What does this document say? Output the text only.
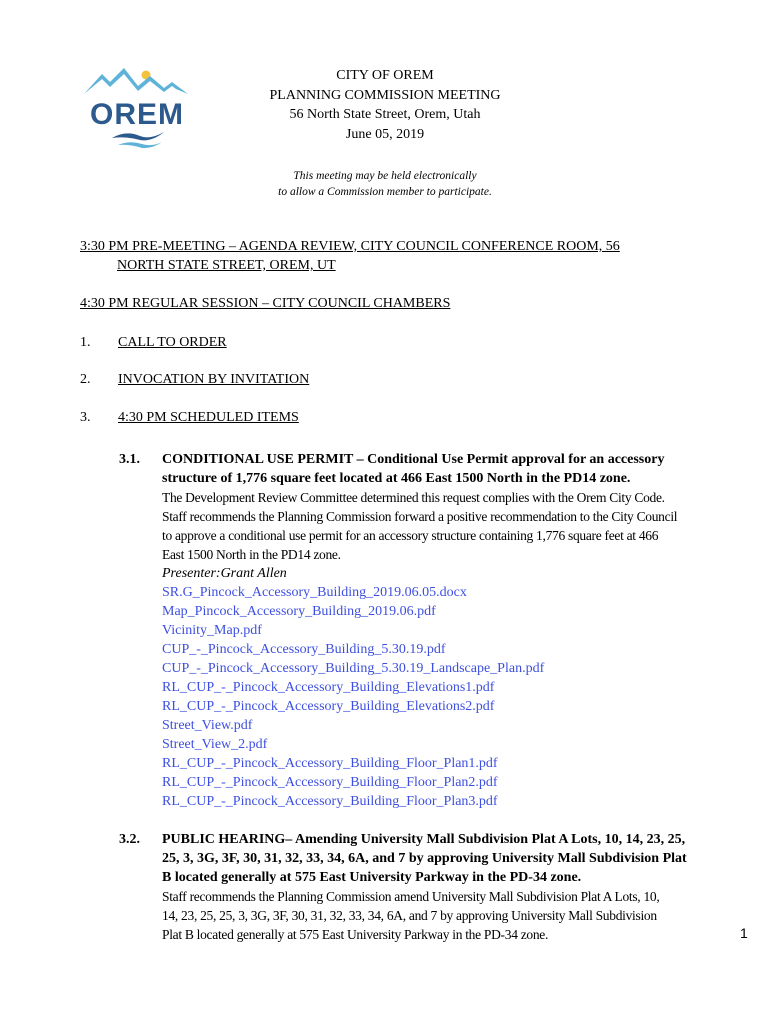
OREM
CITY OF OREM
PLANNING COMMISSION MEETING
56 North State Street, Orem, Utah
June 05, 2019
This meeting may be held electronically
to allow a Commission member to participate.
3:30 PM PRE-MEETING – AGENDA REVIEW, CITY COUNCIL CONFERENCE ROOM, 56
NORTH STATE STREET, OREM, UT
4:30 PM REGULAR SESSION – CITY COUNCIL CHAMBERS
1. CALL TO ORDER
2. INVOCATION BY INVITATION
3. 4:30 PM SCHEDULED ITEMS
3.1. CONDITIONAL USE PERMIT – Conditional Use Permit approval for an accessory
structure of 1,776 square feet located at 466 East 1500 North in the PD14 zone.
The Development Review Committee determined this request complies with the Orem City Code.
Staff recommends the Planning Commission forward a positive recommendation to the City Council
to approve a conditional use permit for an accessory structure containing 1,776 square feet at 466
East 1500 North in the PD14 zone.
Presenter:Grant Allen
SR.G_Pincock_Accessory_Building_2019.06.05.docx
Map_Pincock_Accessory_Building_2019.06.pdf
Vicinity_Map.pdf
CUP_-_Pincock_Accessory_Building_5.30.19.pdf
CUP_-_Pincock_Accessory_Building_5.30.19_Landscape_Plan.pdf
RL_CUP_-_Pincock_Accessory_Building_Elevations1.pdf
RL_CUP_-_Pincock_Accessory_Building_Elevations2.pdf
Street_View.pdf
Street_View_2.pdf
RL_CUP_-_Pincock_Accessory_Building_Floor_Plan1.pdf
RL_CUP_-_Pincock_Accessory_Building_Floor_Plan2.pdf
RL_CUP_-_Pincock_Accessory_Building_Floor_Plan3.pdf
3.2. PUBLIC HEARING– Amending University Mall Subdivision Plat A Lots, 10, 14, 23, 25,
25, 3, 3G, 3F, 30, 31, 32, 33, 34, 6A, and 7 by approving University Mall Subdivision Plat
B located generally at 575 East University Parkway in the PD-34 zone.
Staff recommends the Planning Commission amend University Mall Subdivision Plat A Lots, 10,
14, 23, 25, 25, 3, 3G, 3F, 30, 31, 32, 33, 34, 6A, and 7 by approving University Mall Subdivision
Plat B located generally at 575 East University Parkway in the PD-34 zone.	1
